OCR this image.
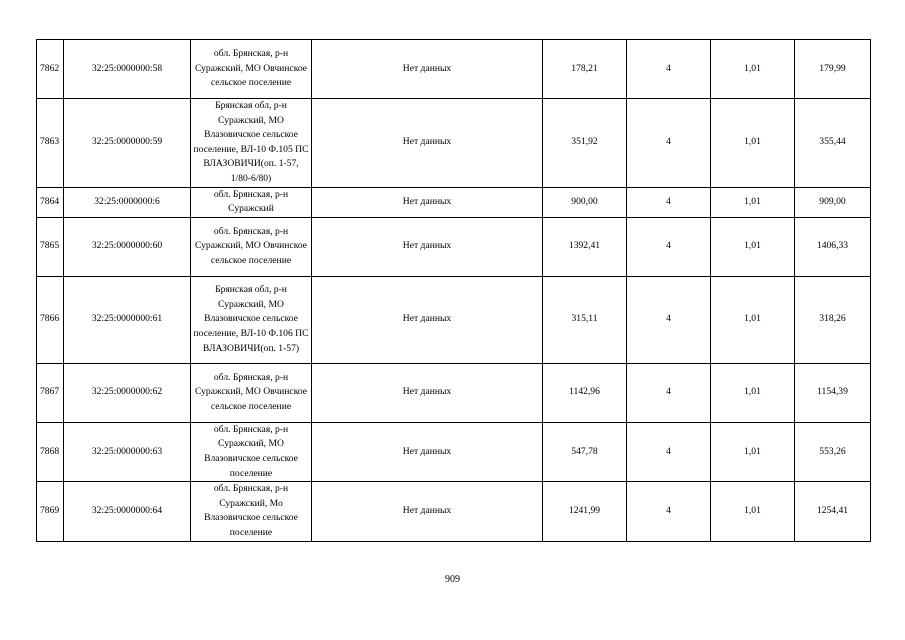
7862	32:25:0000000:58	обл. Брянская, р-н Суражский, МО Овчинское сельское поселение	Нет данных	178,21	4	1,01	179,99
7863	32:25:0000000:59	Брянская обл, р-н Суражский, МО Влазовичское сельское поселение, ВЛ-10 Ф.105 ПС ВЛАЗОВИЧИ(оп. 1-57, 1/80-6/80)	Нет данных	351,92	4	1,01	355,44
7864	32:25:0000000:6	обл. Брянская, р-н Суражский	Нет данных	900,00	4	1,01	909,00
7865	32:25:0000000:60	обл. Брянская, р-н Суражский, МО Овчинское сельское поселение	Нет данных	1392,41	4	1,01	1406,33
7866	32:25:0000000:61	Брянская обл, р-н Суражский, МО Влазовичское сельское поселение, ВЛ-10 Ф.106 ПС ВЛАЗОВИЧИ(оп. 1-57)	Нет данных	315,11	4	1,01	318,26
7867	32:25:0000000:62	обл. Брянская, р-н Суражский, МО Овчинское сельское поселение	Нет данных	1142,96	4	1,01	1154,39
7868	32:25:0000000:63	обл. Брянская, р-н Суражский, МО Влазовичское сельское поселение	Нет данных	547,78	4	1,01	553,26
7869	32:25:0000000:64	обл. Брянская, р-н Суражский, Мо Влазовичское сельское поселение	Нет данных	1241,99	4	1,01	1254,41
909
